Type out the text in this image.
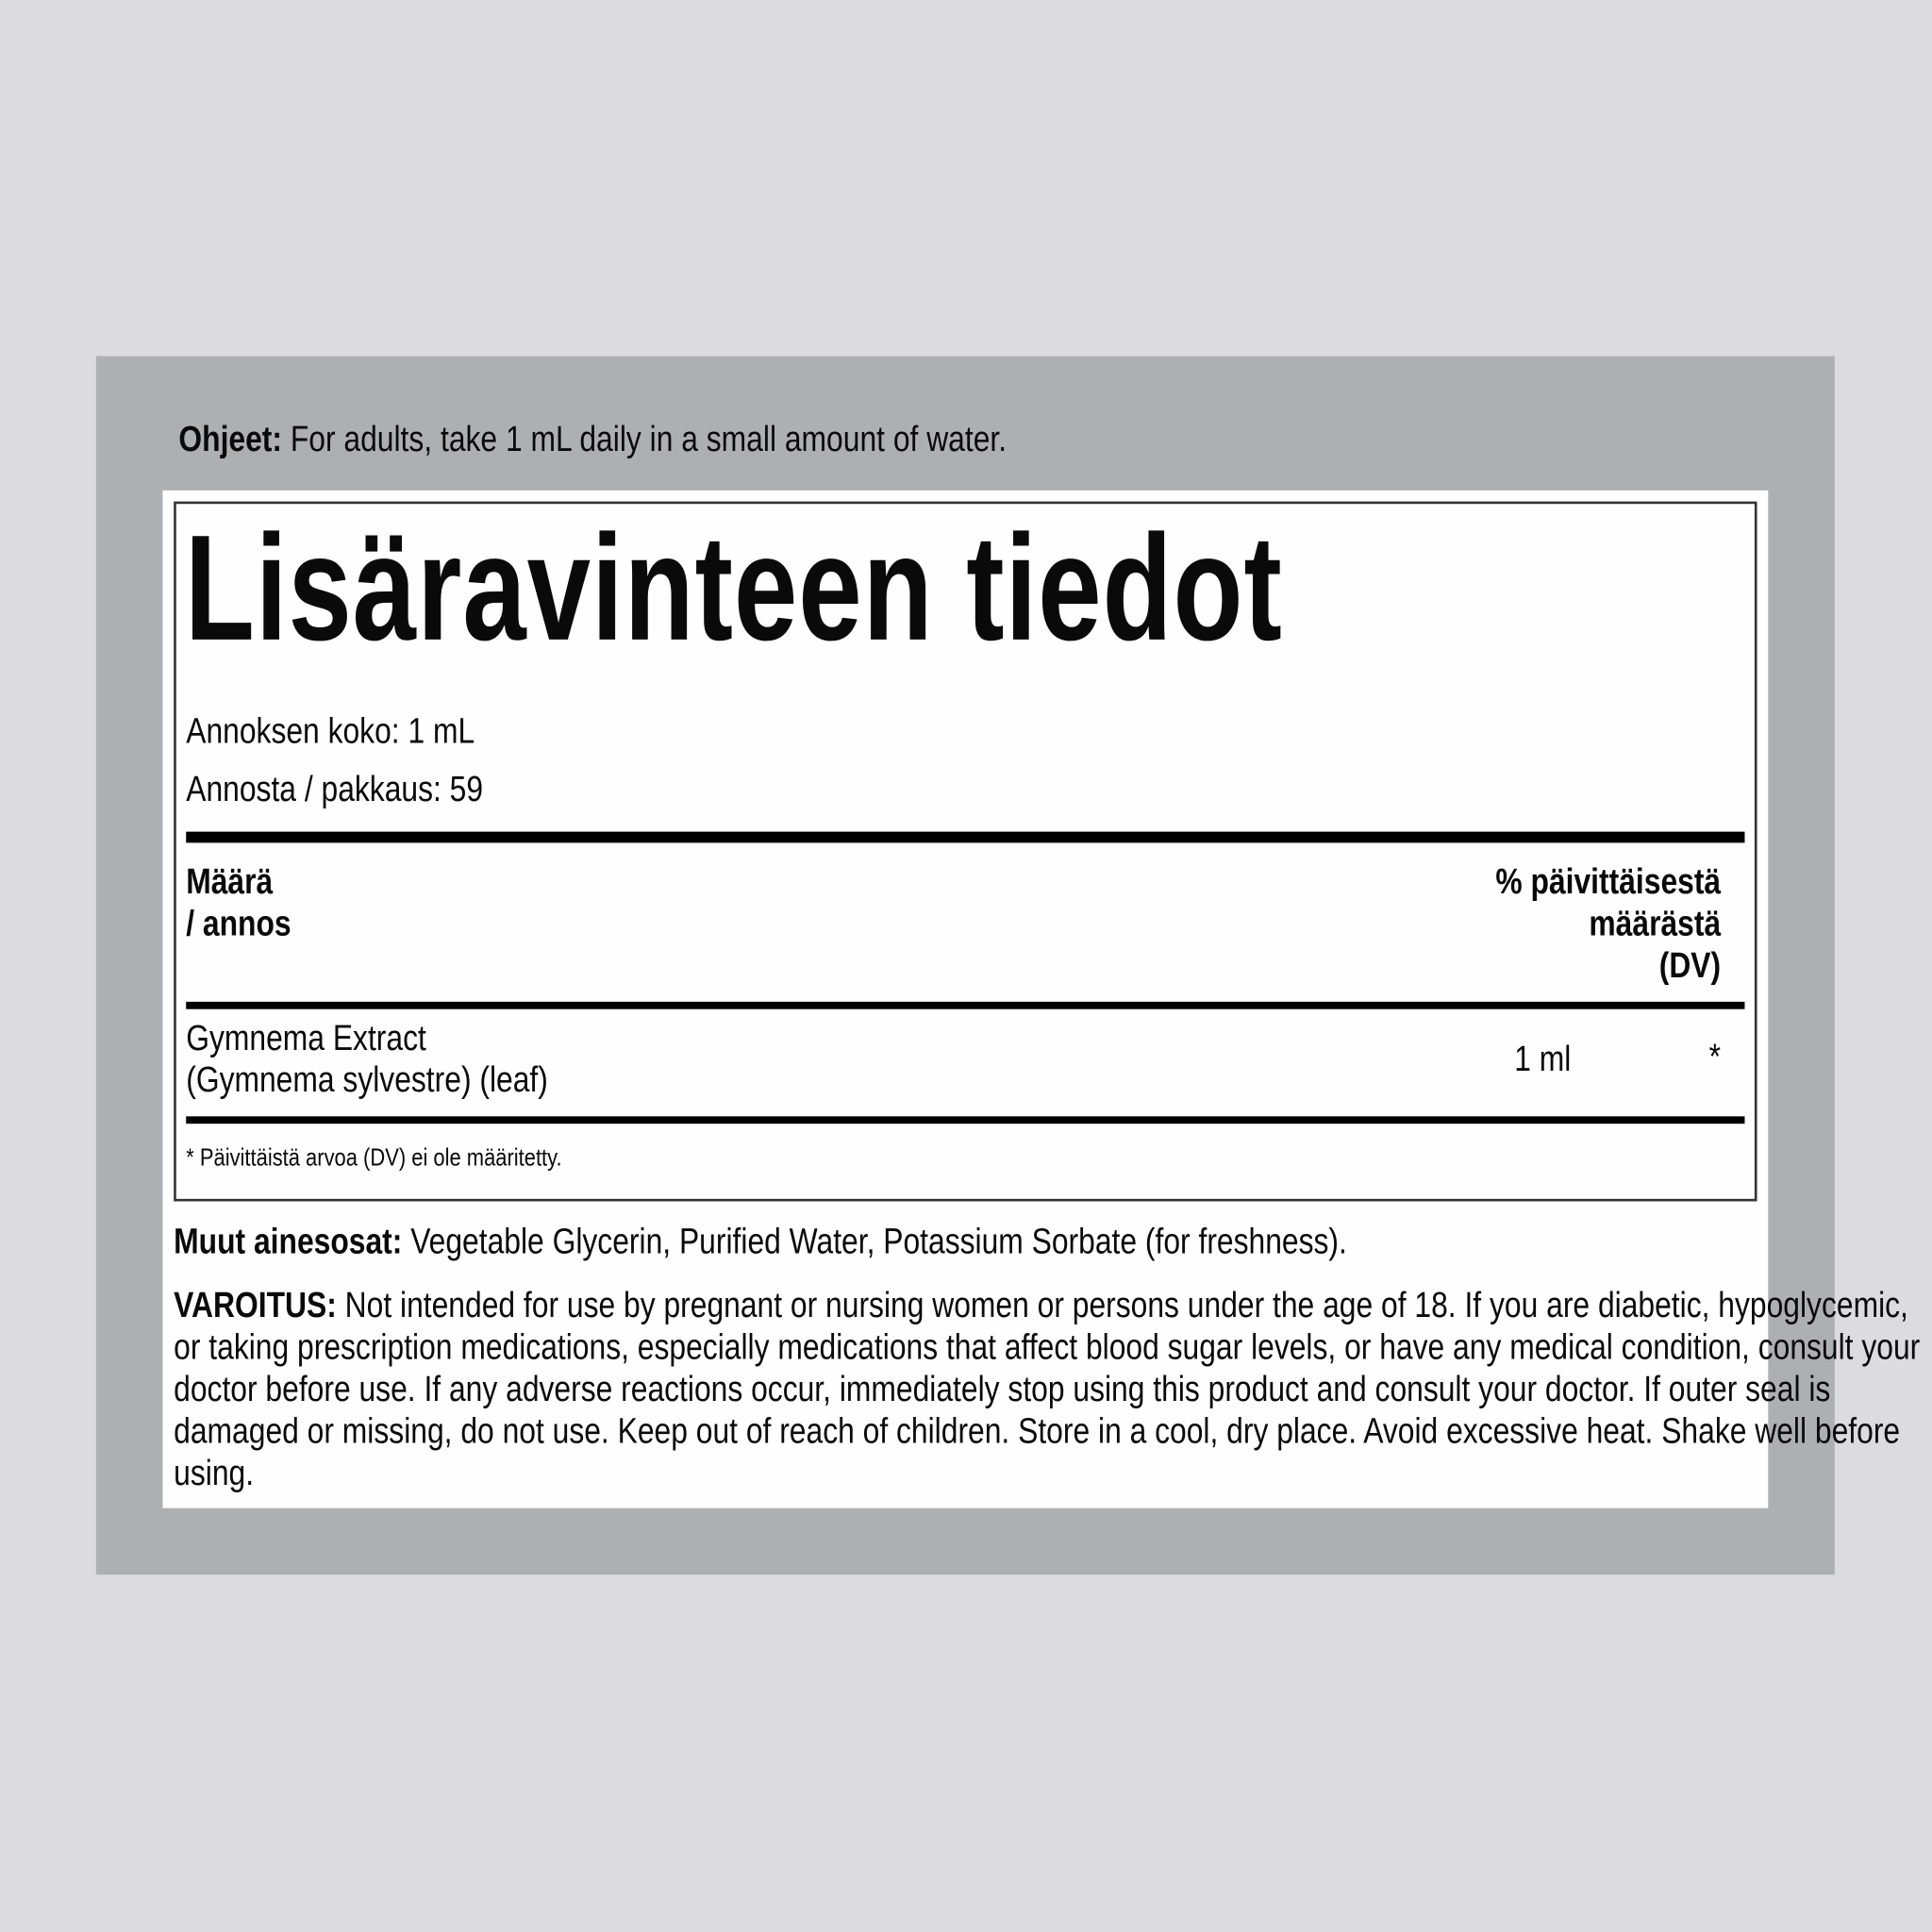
Ohjeet: For adults, take 1 mL daily in a small amount of water.
Lisäravinteen tiedot
Annoksen koko: 1 mL
Annosta / pakkaus: 59
Määrä
/ annos
% päivittäisestä
määrästä
(DV)
Gymnema Extract
(Gymnema sylvestre) (leaf)
1 ml	*
* Päivittäistä arvoa (DV) ei ole määritetty.
Muut ainesosat: Vegetable Glycerin, Purified Water, Potassium Sorbate (for freshness).
VAROITUS: Not intended for use by pregnant or nursing women or persons under the age of 18. If you are diabetic, hypoglycemic, or taking prescription medications, especially medications that affect blood sugar levels, or have any medical condition, consult your doctor before use. If any adverse reactions occur, immediately stop using this product and consult your doctor. If outer seal is damaged or missing, do not use. Keep out of reach of children. Store in a cool, dry place. Avoid excessive heat. Shake well before using.
